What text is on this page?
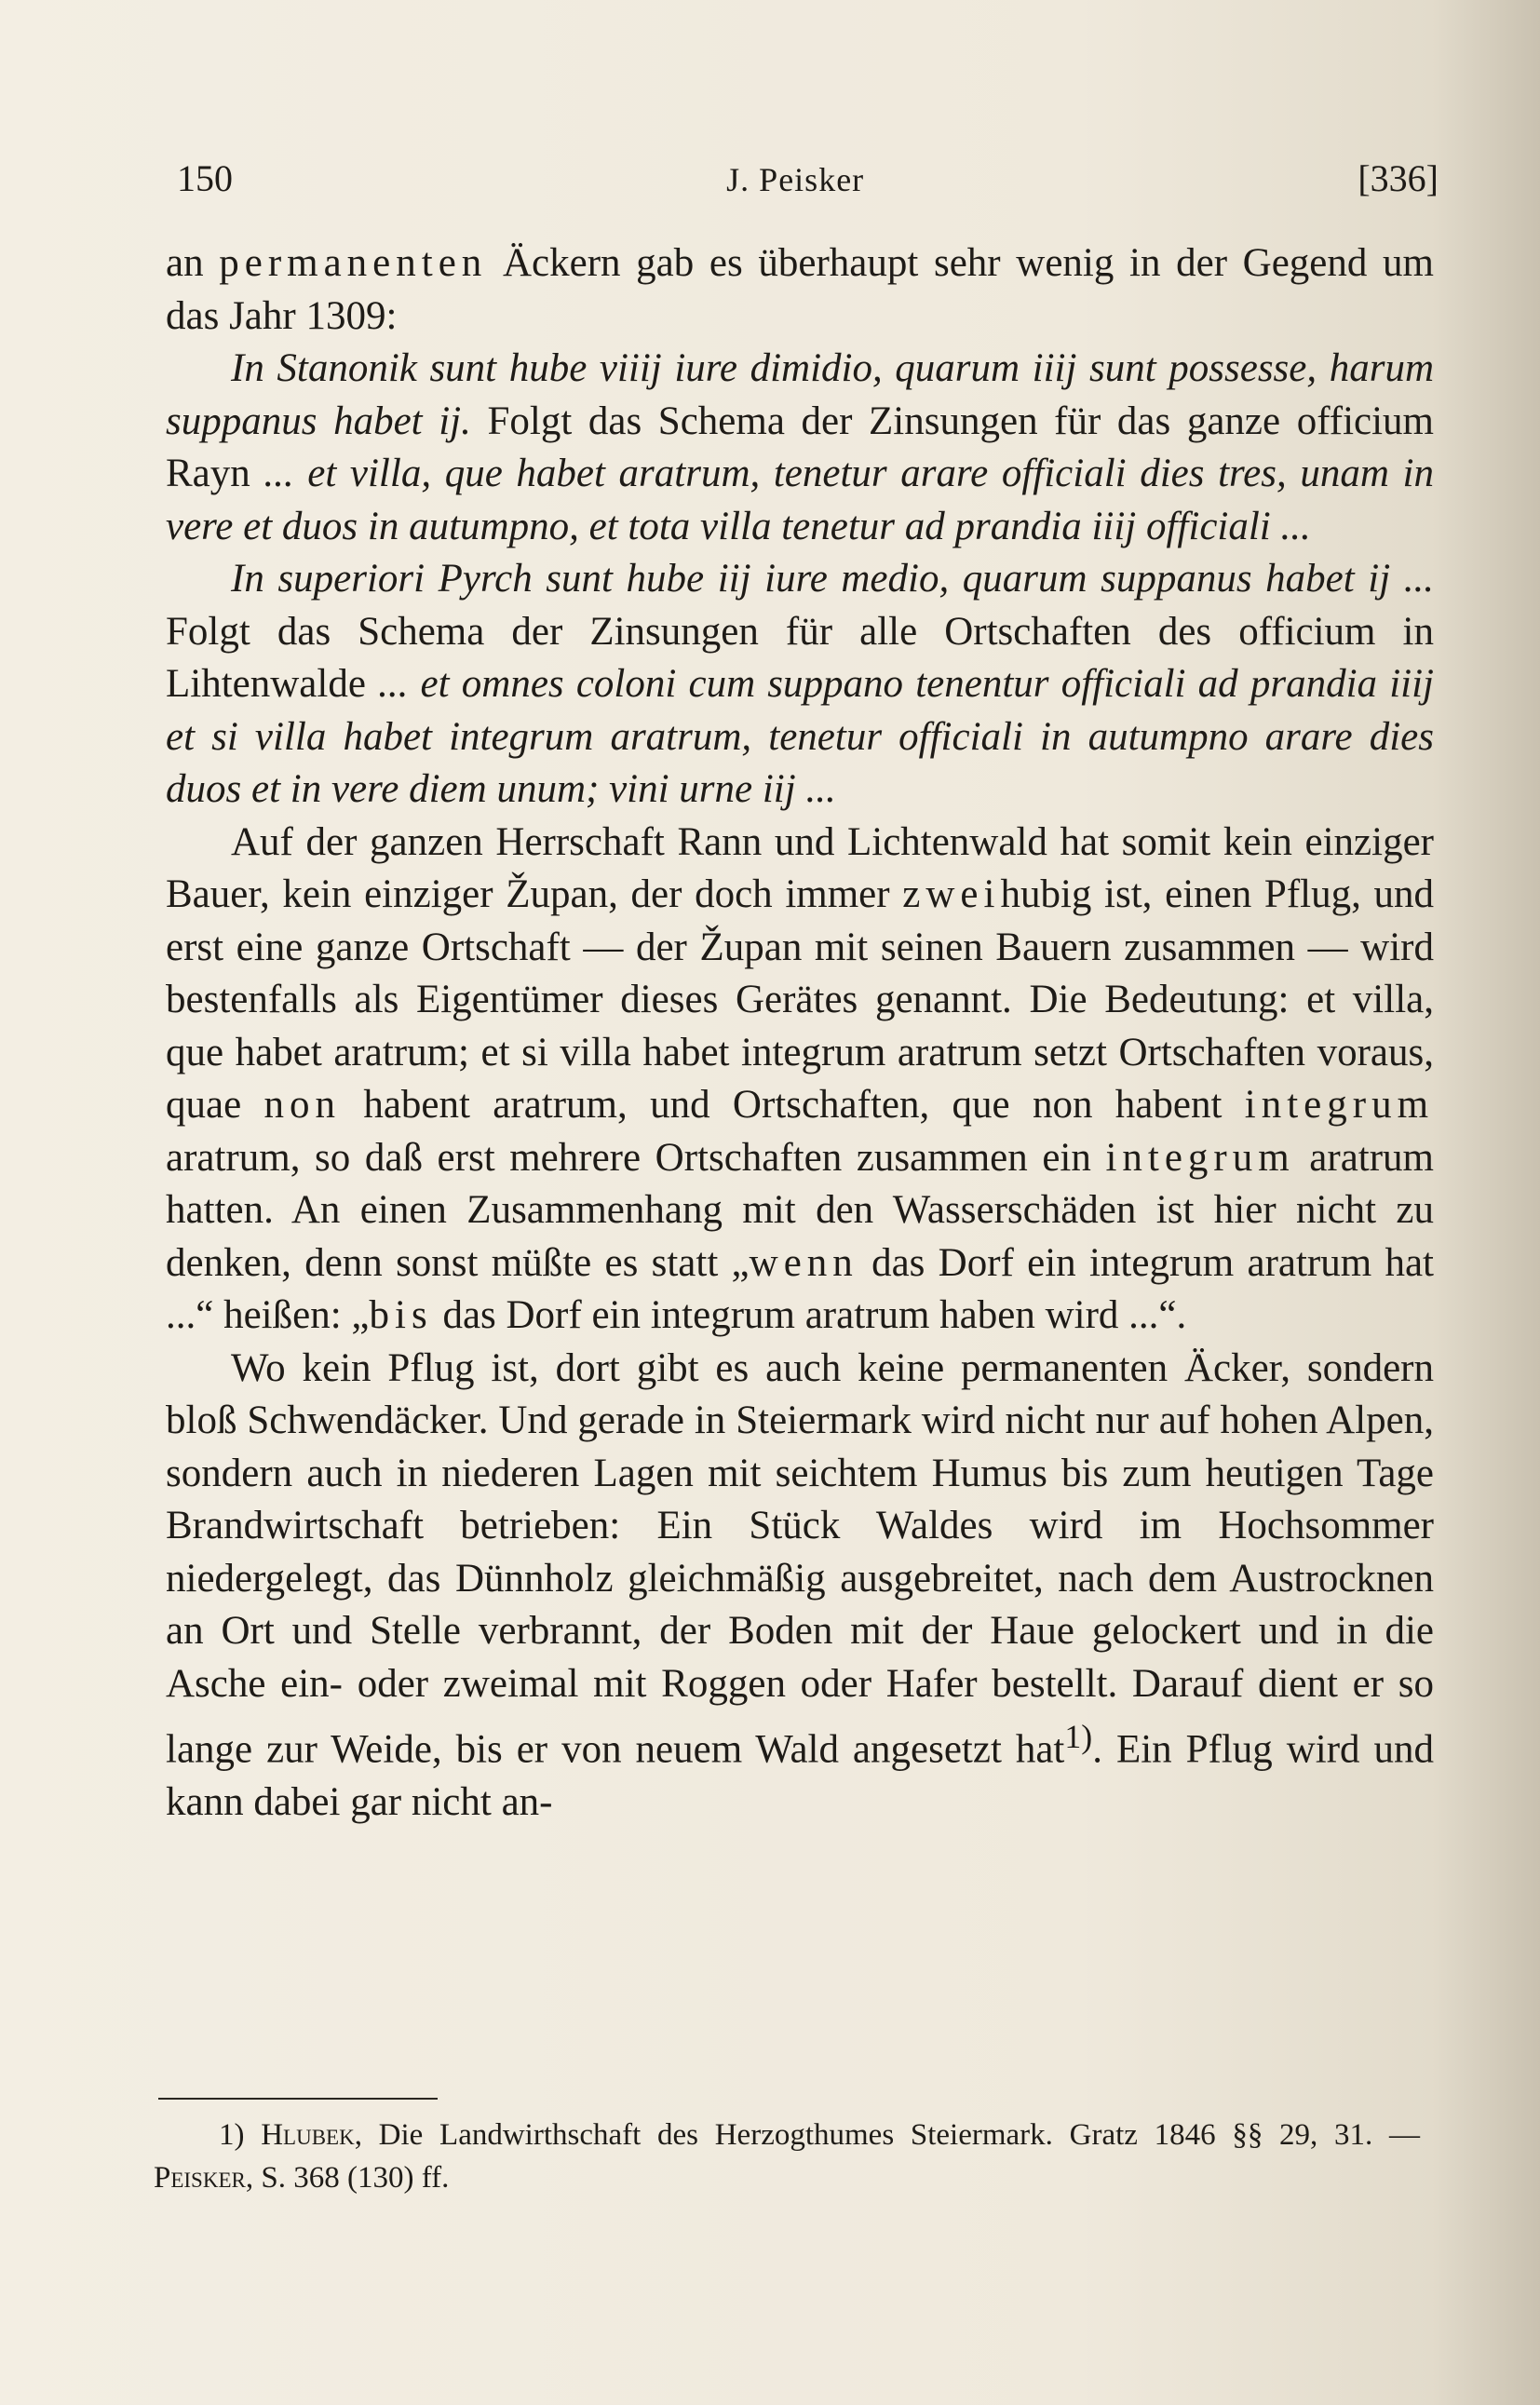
150	J. Peisker	[336]

an permanenten Äckern gab es überhaupt sehr wenig in der Gegend um das Jahr 1309:

In Stanonik sunt hube viiij iure dimidio, quarum iiij sunt possesse, harum suppanus habet ij. Folgt das Schema der Zinsungen für das ganze officium Rayn ... et villa, que habet aratrum, tenetur arare officiali dies tres, unam in vere et duos in autumpno, et tota villa tenetur ad prandia iiij officiali ...

In superiori Pyrch sunt hube iij iure medio, quarum suppanus habet ij ... Folgt das Schema der Zinsungen für alle Ortschaften des officium in Lihtenwalde ... et omnes coloni cum suppano tenentur officiali ad prandia iiij et si villa habet integrum aratrum, tenetur officiali in autumpno arare dies duos et in vere diem unum; vini urne iij ...

Auf der ganzen Herrschaft Rann und Lichtenwald hat somit kein einziger Bauer, kein einziger Župan, der doch immer zweihubig ist, einen Pflug, und erst eine ganze Ortschaft — der Župan mit seinen Bauern zusammen — wird bestenfalls als Eigentümer dieses Gerätes genannt. Die Bedeutung: et villa, que habet aratrum; et si villa habet integrum aratrum setzt Ortschaften voraus, quae non habent aratrum, und Ortschaften, que non habent integrum aratrum, so daß erst mehrere Ortschaften zusammen ein integrum aratrum hatten. An einen Zusammenhang mit den Wasserschäden ist hier nicht zu denken, denn sonst müßte es statt „wenn das Dorf ein integrum aratrum hat ...“ heißen: „bis das Dorf ein integrum aratrum haben wird ...“.

Wo kein Pflug ist, dort gibt es auch keine permanenten Äcker, sondern bloß Schwendäcker. Und gerade in Steiermark wird nicht nur auf hohen Alpen, sondern auch in niederen Lagen mit seichtem Humus bis zum heutigen Tage Brandwirtschaft betrieben: Ein Stück Waldes wird im Hochsommer niedergelegt, das Dünnholz gleichmäßig ausgebreitet, nach dem Austrocknen an Ort und Stelle verbrannt, der Boden mit der Haue gelockert und in die Asche ein- oder zweimal mit Roggen oder Hafer bestellt. Darauf dient er so lange zur Weide, bis er von neuem Wald angesetzt hat$^{1)}$. Ein Pflug wird und kann dabei gar nicht an-

1) Hlubek, Die Landwirthschaft des Herzogthumes Steiermark. Gratz 1846 §§ 29, 31. — Peisker, S. 368 (130) ff.
